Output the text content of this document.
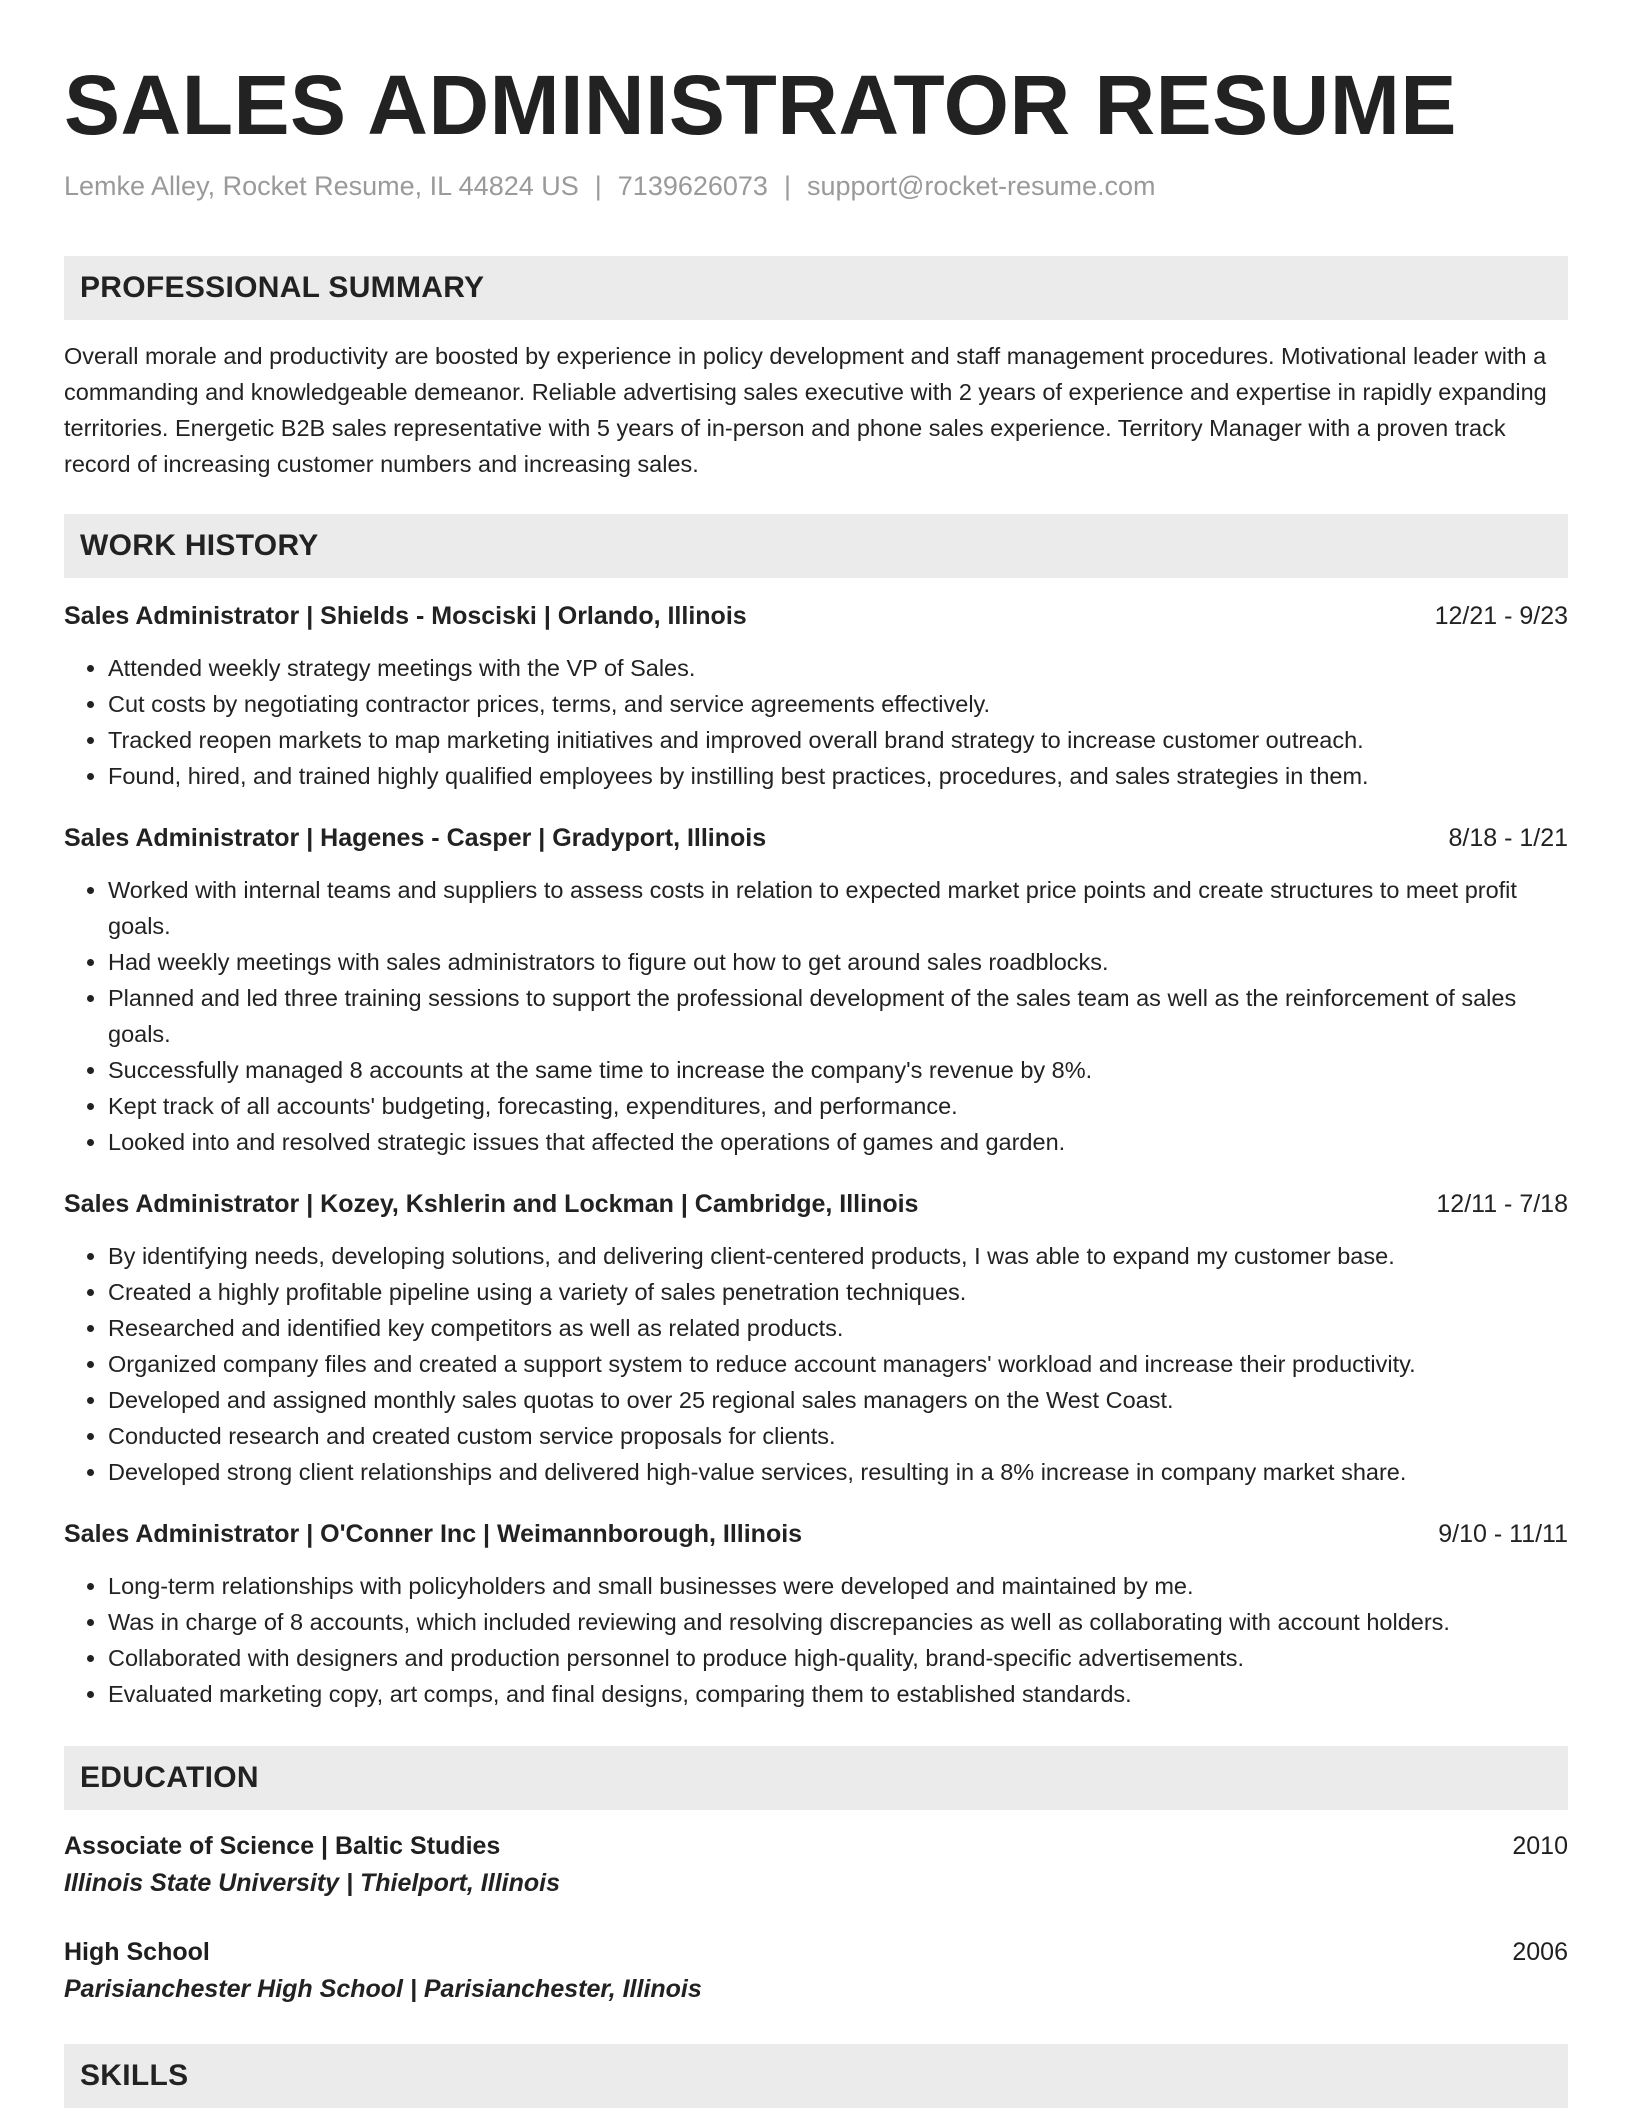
SALES ADMINISTRATOR RESUME
Lemke Alley, Rocket Resume, IL 44824 US | 7139626073 | support@rocket-resume.com
PROFESSIONAL SUMMARY
Overall morale and productivity are boosted by experience in policy development and staff management procedures. Motivational leader with a commanding and knowledgeable demeanor. Reliable advertising sales executive with 2 years of experience and expertise in rapidly expanding territories. Energetic B2B sales representative with 5 years of in-person and phone sales experience. Territory Manager with a proven track record of increasing customer numbers and increasing sales.
WORK HISTORY
Sales Administrator | Shields - Mosciski | Orlando, Illinois	12/21 - 9/23
• Attended weekly strategy meetings with the VP of Sales.
• Cut costs by negotiating contractor prices, terms, and service agreements effectively.
• Tracked reopen markets to map marketing initiatives and improved overall brand strategy to increase customer outreach.
• Found, hired, and trained highly qualified employees by instilling best practices, procedures, and sales strategies in them.
Sales Administrator | Hagenes - Casper | Gradyport, Illinois	8/18 - 1/21
• Worked with internal teams and suppliers to assess costs in relation to expected market price points and create structures to meet profit goals.
• Had weekly meetings with sales administrators to figure out how to get around sales roadblocks.
• Planned and led three training sessions to support the professional development of the sales team as well as the reinforcement of sales goals.
• Successfully managed 8 accounts at the same time to increase the company's revenue by 8%.
• Kept track of all accounts' budgeting, forecasting, expenditures, and performance.
• Looked into and resolved strategic issues that affected the operations of games and garden.
Sales Administrator | Kozey, Kshlerin and Lockman | Cambridge, Illinois	12/11 - 7/18
• By identifying needs, developing solutions, and delivering client-centered products, I was able to expand my customer base.
• Created a highly profitable pipeline using a variety of sales penetration techniques.
• Researched and identified key competitors as well as related products.
• Organized company files and created a support system to reduce account managers' workload and increase their productivity.
• Developed and assigned monthly sales quotas to over 25 regional sales managers on the West Coast.
• Conducted research and created custom service proposals for clients.
• Developed strong client relationships and delivered high-value services, resulting in a 8% increase in company market share.
Sales Administrator | O'Conner Inc | Weimannborough, Illinois	9/10 - 11/11
• Long-term relationships with policyholders and small businesses were developed and maintained by me.
• Was in charge of 8 accounts, which included reviewing and resolving discrepancies as well as collaborating with account holders.
• Collaborated with designers and production personnel to produce high-quality, brand-specific advertisements.
• Evaluated marketing copy, art comps, and final designs, comparing them to established standards.
EDUCATION
Associate of Science | Baltic Studies	2010
Illinois State University | Thielport, Illinois
High School	2006
Parisianchester High School | Parisianchester, Illinois
SKILLS
